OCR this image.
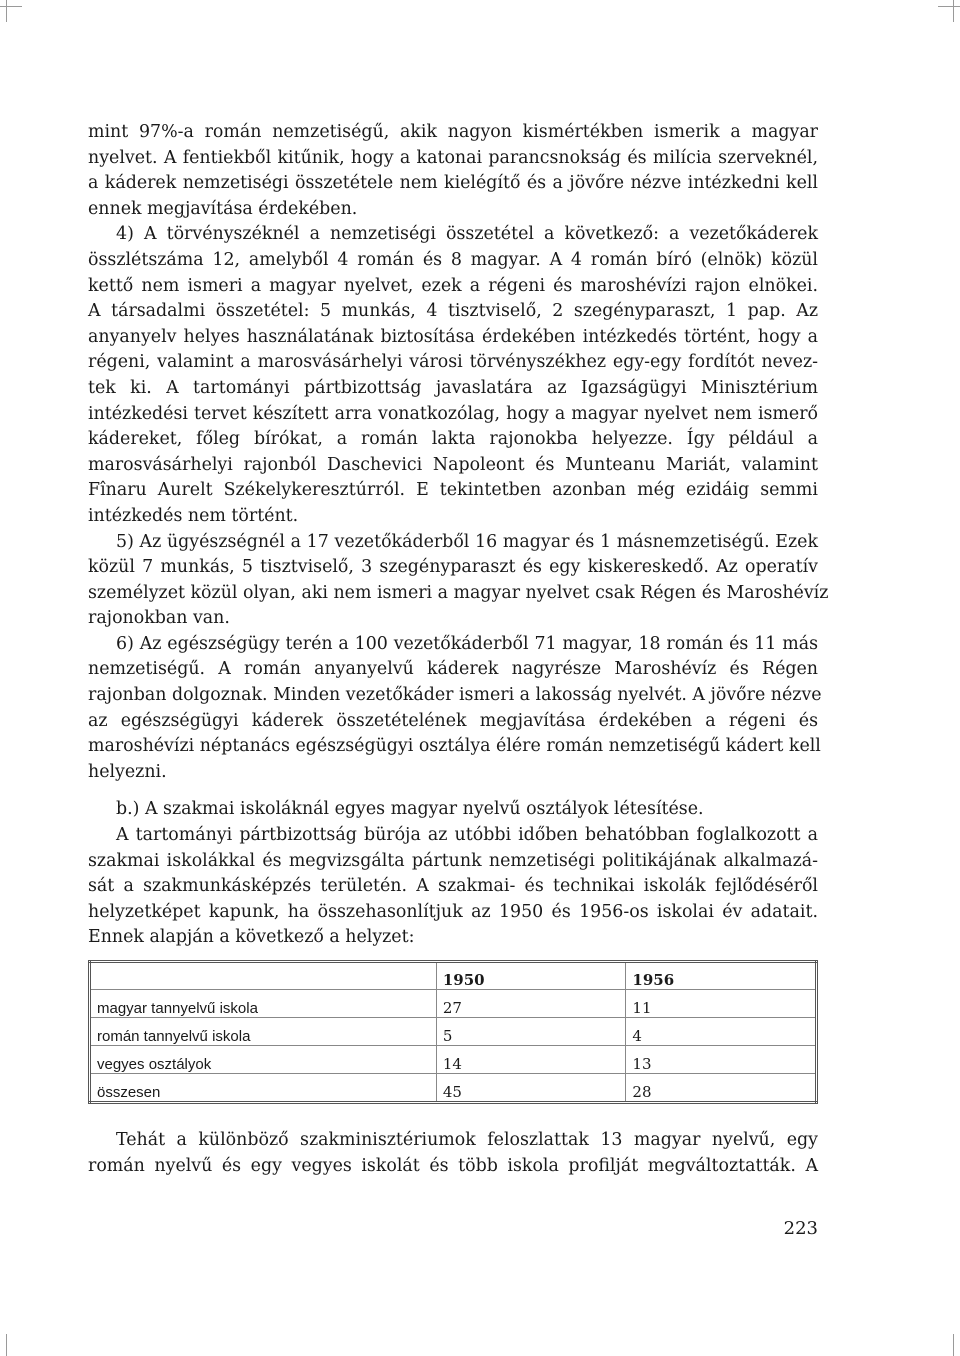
mint 97%-a román nemzetiségű, akik nagyon kismértékben ismerik a magyar
nyelvet. A fentiekből kitűnik, hogy a katonai parancsnokság és milícia szerveknél,
a káderek nemzetiségi összetétele nem kielégítő és a jövőre nézve intézkedni kell
ennek megjavítása érdekében.
4) A törvényszéknél a nemzetiségi összetétel a következő: a vezetőkáderek
összlétszáma 12, amelyből 4 román és 8 magyar. A 4 román bíró (elnök) közül
kettő nem ismeri a magyar nyelvet, ezek a régeni és maroshévízi rajon elnökei.
A társadalmi összetétel: 5 munkás, 4 tisztviselő, 2 szegényparaszt, 1 pap. Az
anyanyelv helyes használatának biztosítása érdekében intézkedés történt, hogy a
régeni, valamint a marosvásárhelyi városi törvényszékhez egy-egy fordítót nevez-
tek ki. A tartományi pártbizottság javaslatára az Igazságügyi Minisztérium
intézkedési tervet készített arra vonatkozólag, hogy a magyar nyelvet nem ismerő
kádereket, főleg bírókat, a román lakta rajonokba helyezze. Így például a
marosvásárhelyi rajonból Daschevici Napoleont és Munteanu Mariát, valamint
Fînaru Aurelt Székelykeresztúrról. E tekintetben azonban még ezidáig semmi
intézkedés nem történt.
5) Az ügyészségnél a 17 vezetőkáderből 16 magyar és 1 másnemzetiségű. Ezek
közül 7 munkás, 5 tisztviselő, 3 szegényparaszt és egy kiskereskedő. Az operatív
személyzet közül olyan, aki nem ismeri a magyar nyelvet csak Régen és Maroshévíz
rajonokban van.
6) Az egészségügy terén a 100 vezetőkáderből 71 magyar, 18 román és 11 más
nemzetiségű. A román anyanyelvű káderek nagyrésze Maroshévíz és Régen
rajonban dolgoznak. Minden vezetőkáder ismeri a lakosság nyelvét. A jövőre nézve
az egészségügyi káderek összetételének megjavítása érdekében a régeni és
maroshévízi néptanács egészségügyi osztálya élére román nemzetiségű kádert kell
helyezni.
b.) A szakmai iskoláknál egyes magyar nyelvű osztályok létesítése.
A tartományi pártbizottság bürója az utóbbi időben behatóbban foglalkozott a
szakmai iskolákkal és megvizsgálta pártunk nemzetiségi politikájának alkalmazá-
sát a szakmunkásképzés területén. A szakmai- és technikai iskolák fejlődéséről
helyzetképet kapunk, ha összehasonlítjuk az 1950 és 1956-os iskolai év adatait.
Ennek alapján a következő a helyzet:
	1950	1956
magyar tannyelvű iskola	27	11
román tannyelvű iskola	5	4
vegyes osztályok	14	13
összesen	45	28
Tehát a különböző szakminisztériumok feloszlattak 13 magyar nyelvű, egy
román nyelvű és egy vegyes iskolát és több iskola profilját megváltoztatták. A
223
